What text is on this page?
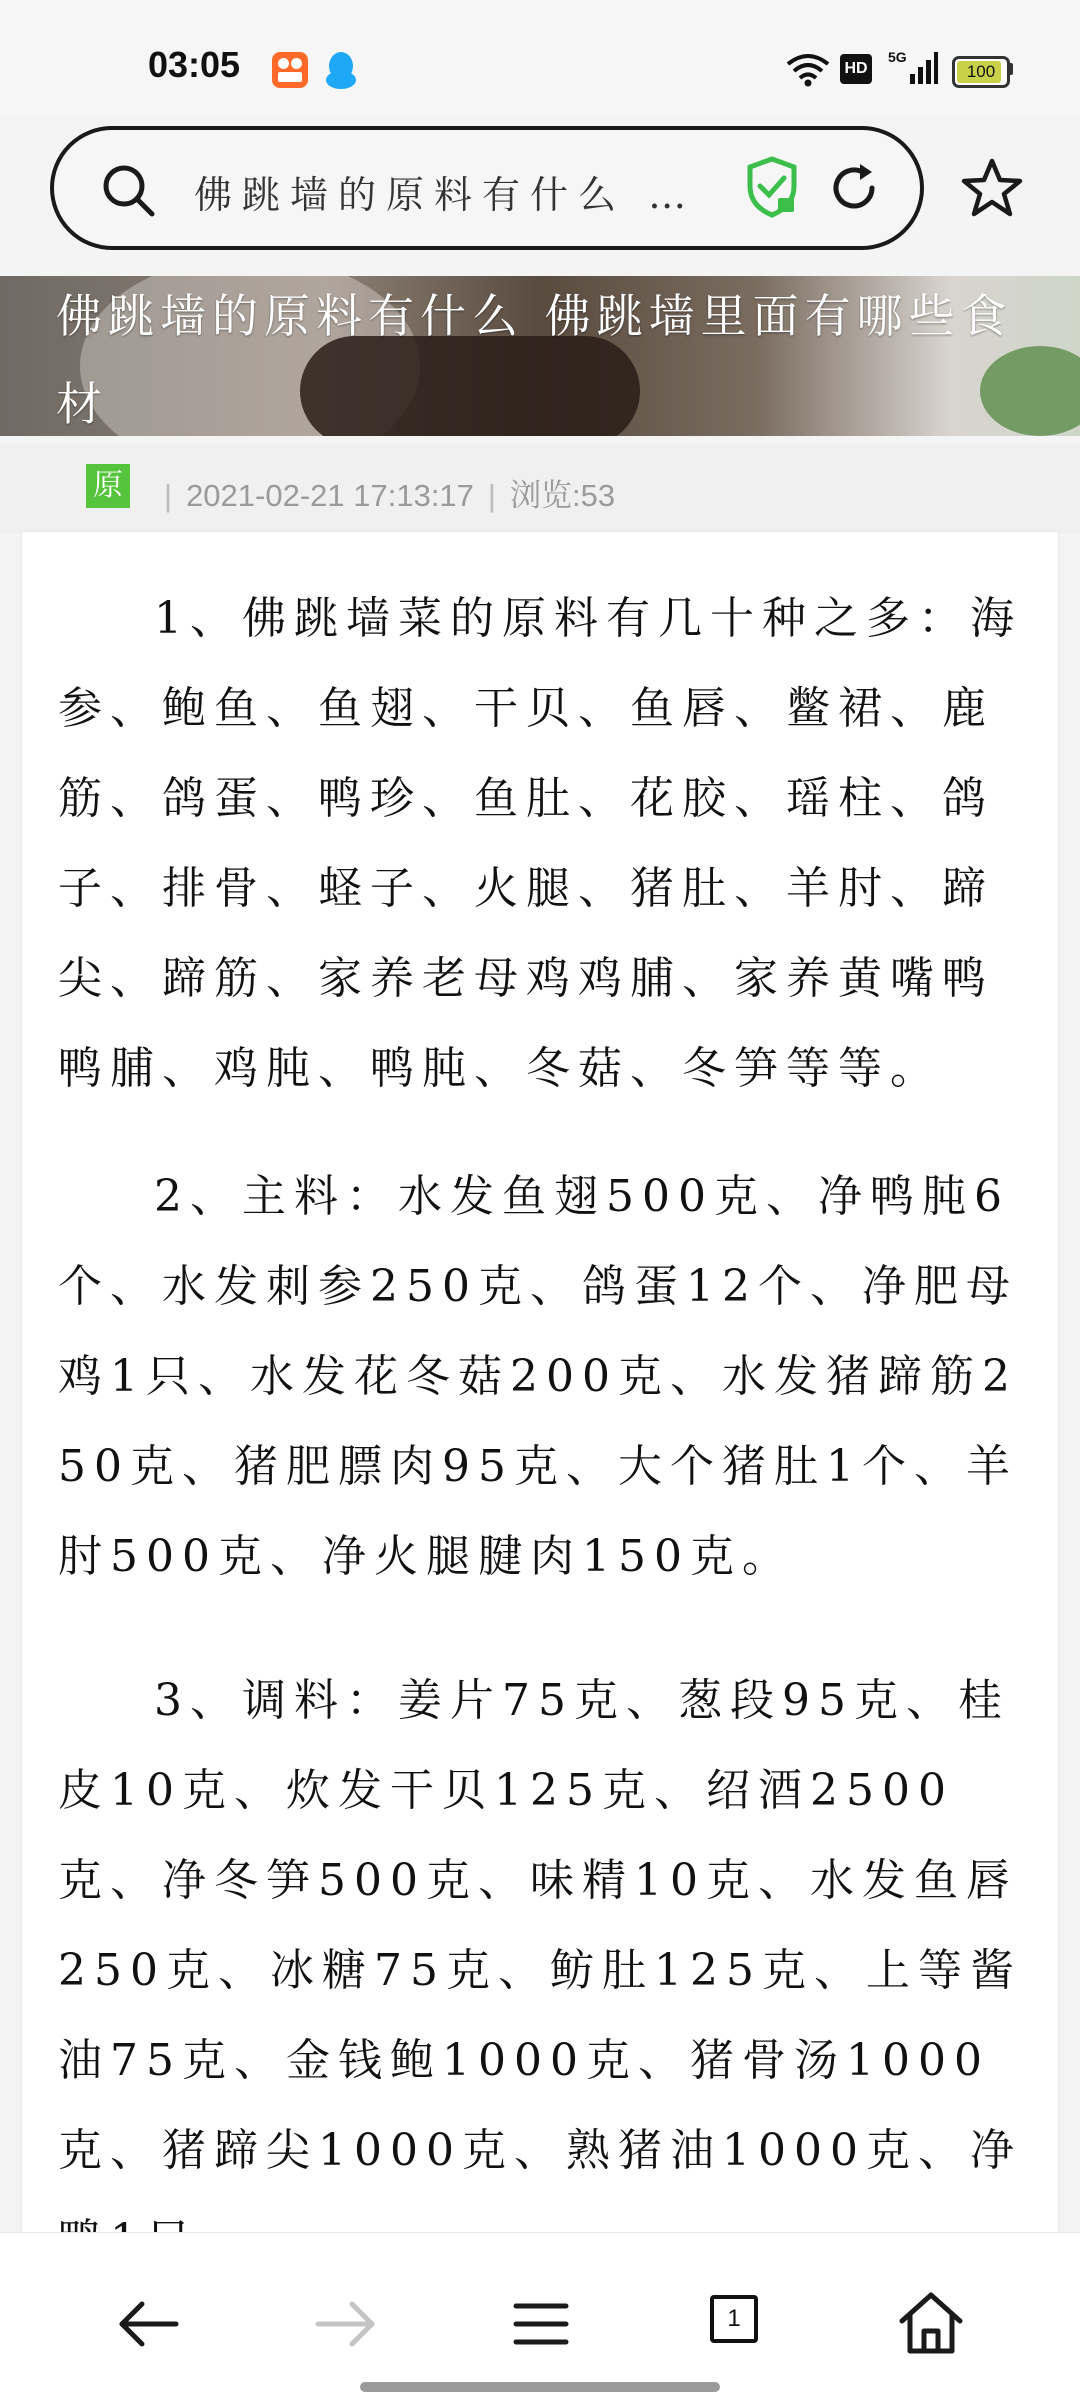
03:05	HD
5G
100
佛跳墙的原料有什么 …
佛跳墙的原料有什么 佛跳墙里面有哪些食材
原	| 2021-02-21 17:13:17 | 浏览:53
1、佛跳墙菜的原料有几十种之多：海参、鲍鱼、鱼翅、干贝、鱼唇、鳖裙、鹿筋、鸽蛋、鸭珍、鱼肚、花胶、瑶柱、鸽子、排骨、蛏子、火腿、猪肚、羊肘、蹄尖、蹄筋、家养老母鸡鸡脯、家养黄嘴鸭鸭脯、鸡肫、鸭肫、冬菇、冬笋等等。
2、主料：水发鱼翅500克、净鸭肫6个、水发刺参250克、鸽蛋12个、净肥母鸡1只、水发花冬菇200克、水发猪蹄筋250克、猪肥膘肉95克、大个猪肚1个、羊肘500克、净火腿腱肉150克。
3、调料：姜片75克、葱段95克、桂皮10克、炊发干贝125克、绍酒2500克、净冬笋500克、味精10克、水发鱼唇250克、冰糖75克、鲂肚125克、上等酱油75克、金钱鲍1000克、猪骨汤1000克、猪蹄尖1000克、熟猪油1000克、净
1
